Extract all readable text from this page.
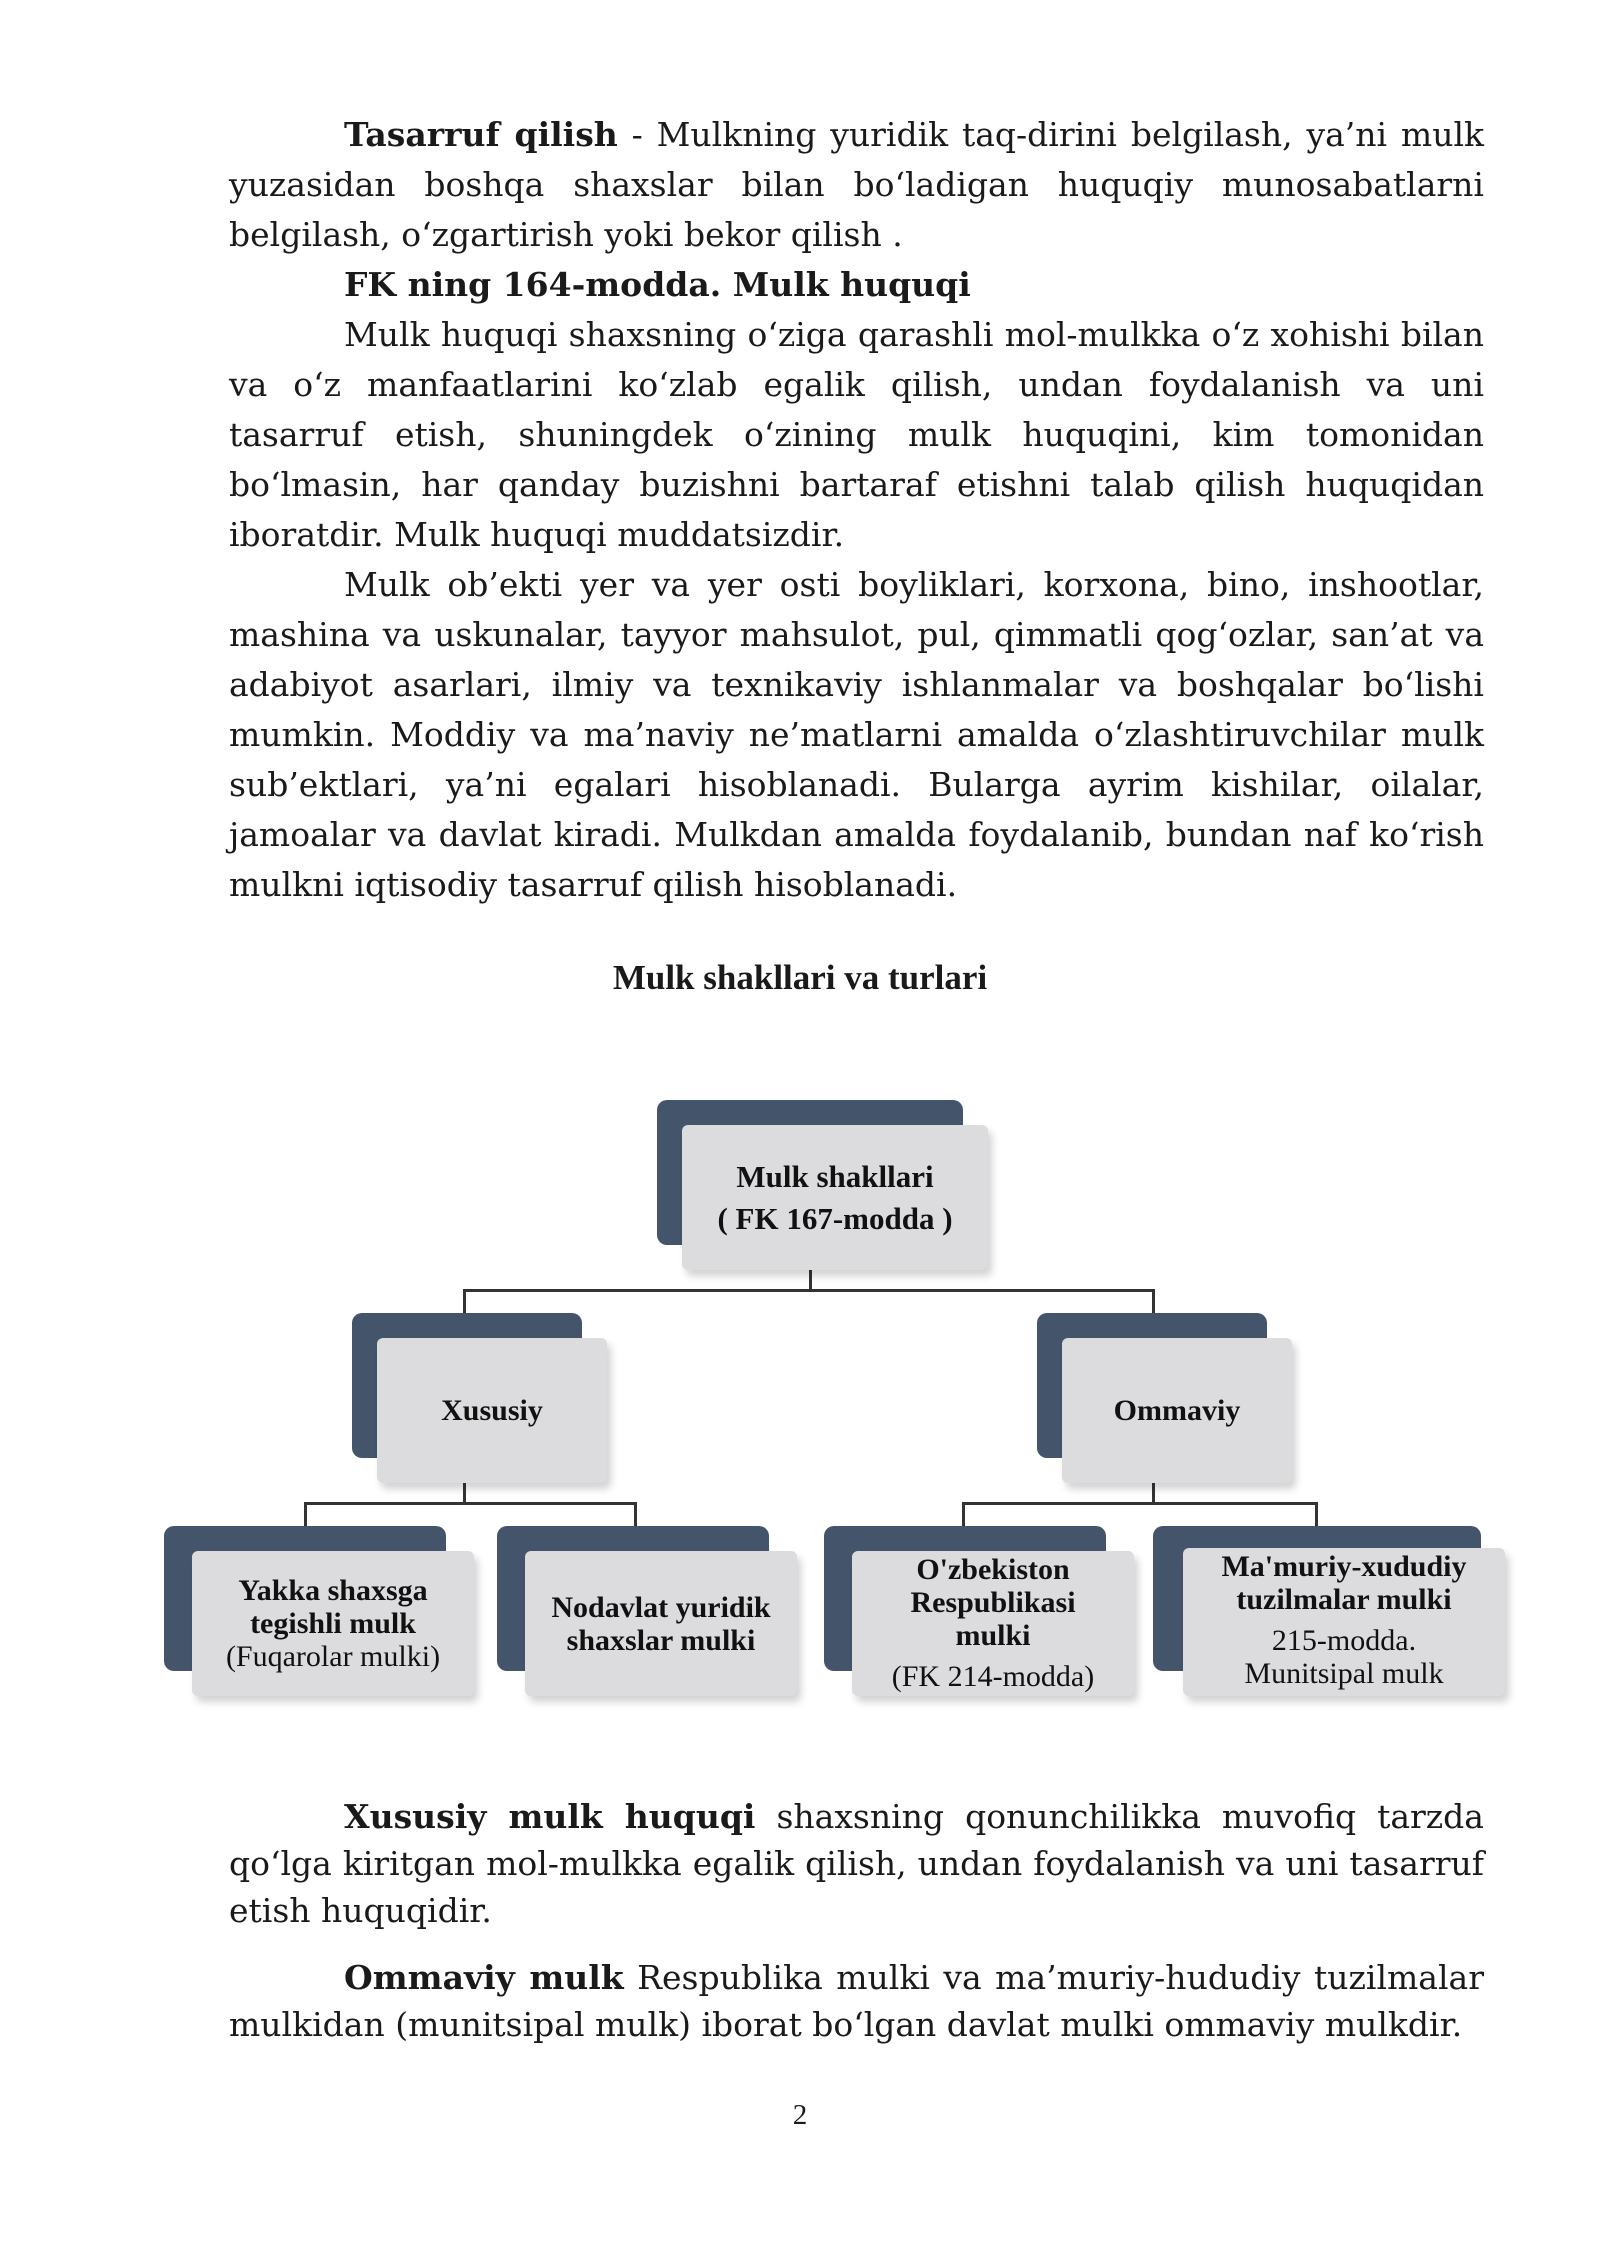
Tasarruf qilish - Mulkning yuridik taq-dirini belgilash, ya’ni mulk yuzasidan boshqa shaxslar bilan bo‘ladigan huquqiy munosabatlarni belgilash, o‘zgartirish yoki bekor qilish .

FK ning 164-modda. Mulk huquqi

Mulk huquqi shaxsning o‘ziga qarashli mol-mulkka o‘z xohishi bilan va o‘z manfaatlarini ko‘zlab egalik qilish, undan foydalanish va uni tasarruf etish, shuningdek o‘zining mulk huquqini, kim tomonidan bo‘lmasin, har qanday buzishni bartaraf etishni talab qilish huquqidan iboratdir. Mulk huquqi muddatsizdir.

Mulk ob’ekti yer va yer osti boyliklari, korxona, bino, inshootlar, mashina va uskunalar, tayyor mahsulot, pul, qimmatli qog‘ozlar, san’at va adabiyot asarlari, ilmiy va texnikaviy ishlanmalar va boshqalar bo‘lishi mumkin. Moddiy va ma’naviy ne’matlarni amalda o‘zlashtiruvchilar mulk sub’ektlari, ya’ni egalari hisoblanadi. Bularga ayrim kishilar, oilalar, jamoalar va davlat kiradi. Mulkdan amalda foydalanib, bundan naf ko‘rish mulkni iqtisodiy tasarruf qilish hisoblanadi.

Mulk shakllari va turlari
Mulk shakllari
( FK 167-modda )
Xususiy	Ommaviy
Yakka shaxsga tegishli mulk
(Fuqarolar mulki)
Nodavlat yuridik shaxslar mulki
O'zbekiston Respublikasi mulki
(FK 214-modda)
Ma'muriy-xududiy tuzilmalar mulki
215-modda. Munitsipal mulk

Xususiy mulk huquqi shaxsning qonunchilikka muvofiq tarzda qo‘lga kiritgan mol-mulkka egalik qilish, undan foydalanish va uni tasarruf etish huquqidir.

Ommaviy mulk Respublika mulki va ma’muriy-hududiy tuzilmalar mulkidan (munitsipal mulk) iborat bo‘lgan davlat mulki ommaviy mulkdir.

2
